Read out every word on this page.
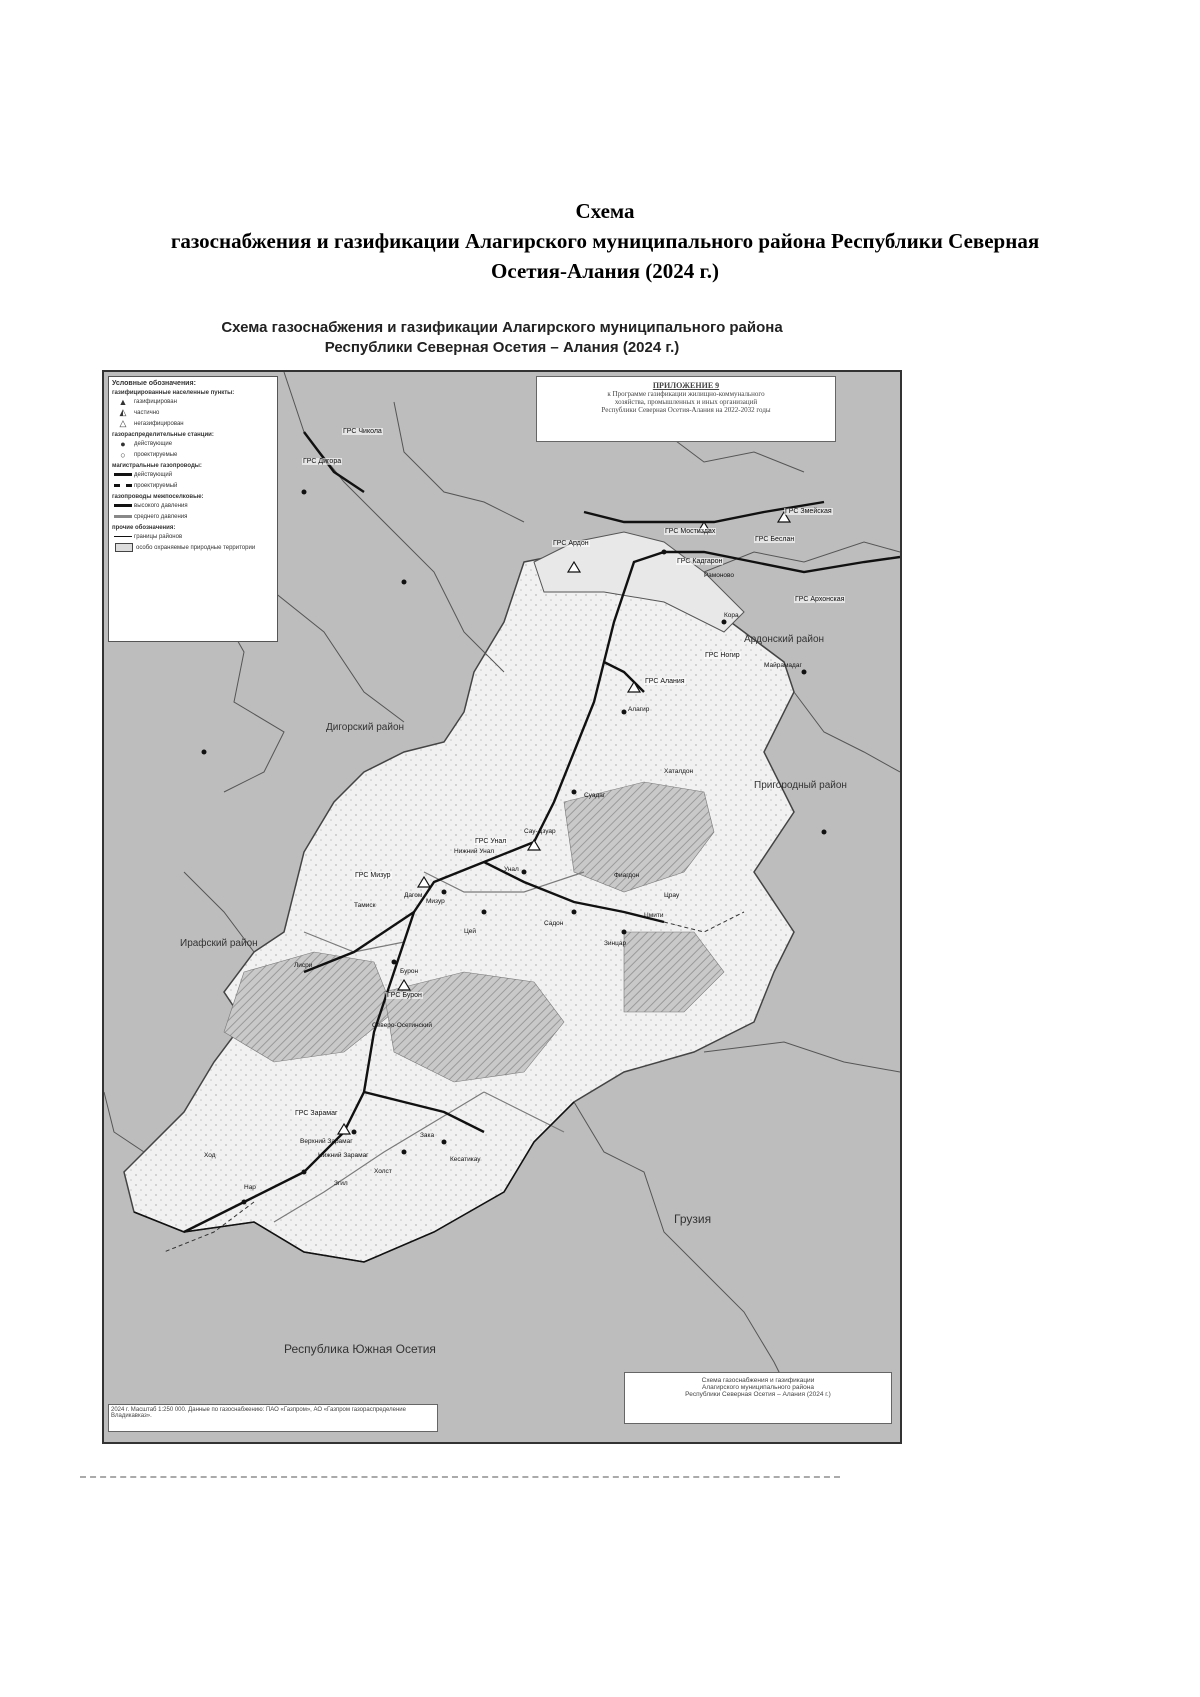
Схема
газоснабжения и газификации Алагирского муниципального района Республики Северная
Осетия-Алания (2024 г.)
Схема газоснабжения и газификации Алагирского муниципального района
Республики Северная Осетия – Алания (2024 г.)
Условные обозначения:
газифицированные населенные пункты:
▲	газифицирован
◭	частично
△	негазифицирован
газораспределительные станции:
●	действующие
○	проектируемые
магистральные газопроводы:
действующий
проектируемый
газопроводы межпоселковые:
высокого давления
среднего давления
прочие обозначения:
границы районов
особо охраняемые природные территории
ПРИЛОЖЕНИЕ 9
к Программе газификации жилищно-коммунального
хозяйства, промышленных и иных организаций
Республики Северная Осетия-Алания на 2022-2032 годы
Ардонский район
Дигорский район
Пригородный район
Ирафский район
Грузия
Республика Южная Осетия
Северо-Осетинский
ГРС Ардон
ГРС Алания
ГРС Мизур
ГРС Унал
ГРС Бурон
ГРС Зарамаг
ГРС Дигора
ГРС Кадгарон
ГРС Ногир
ГРС Беслан
ГРС Чикола
ГРС Мостиздах
ГРС Змейская
ГРС Архонская
Алагир
Мизур
Унал
Бурон
Верхний Зарамаг
Нижний Зарамаг
Цей
Садон
Зинцар
Кора
Рамоново
Хаталдон
Майрамадаг
Суадаг
Нар
Ход
Зака
Кесатикау
Холст
Згил
Дагом
Сау-Дзуар
Црау
Тамиск
Нижний Унал
Лисри
Фиагдон
Цмити
2024 г. Масштаб 1:250 000. Данные по газоснабжению: ПАО «Газпром», АО «Газпром газораспределение Владикавказ».
Схема газоснабжения и газификации
Алагирского муниципального района
Республики Северная Осетия – Алания (2024 г.)
